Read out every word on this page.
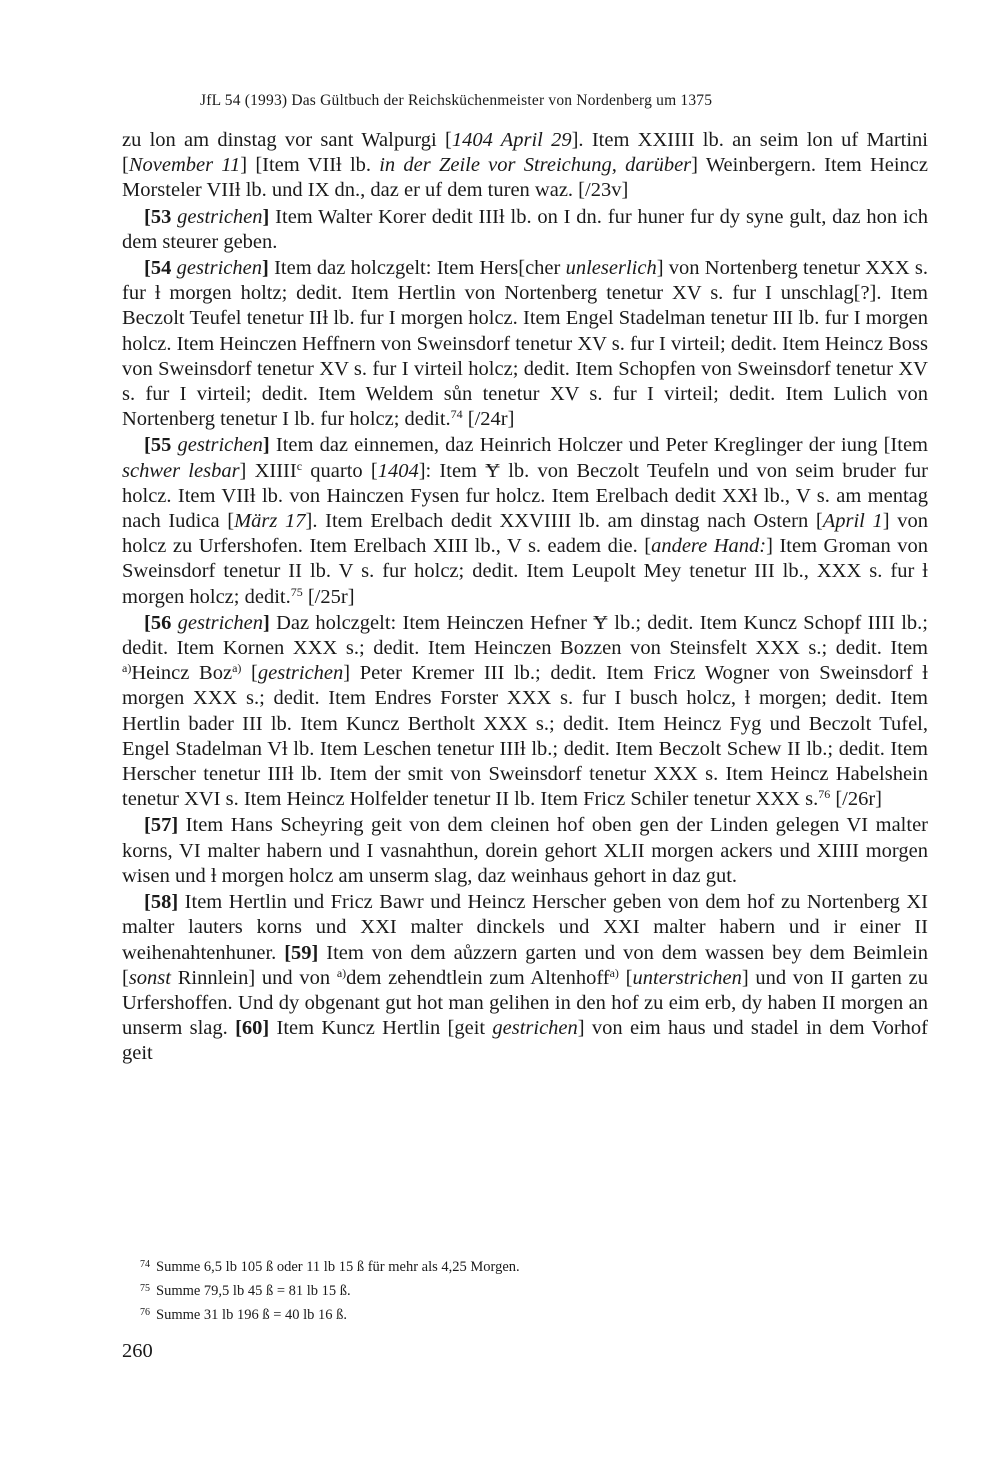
JfL 54 (1993) Das Gültbuch der Reichsküchenmeister von Nordenberg um 1375

zu lon am dinstag vor sant Walpurgi [1404 April 29]. Item XXIIII lb. an seim lon uf Martini [November 11] [Item VIIƚ lb. in der Zeile vor Streichung, darüber] Weinbergern. Item Heincz Morsteler VIIƚ lb. und IX dn., daz er uf dem turen waz. [/23v]

[53 gestrichen] Item Walter Korer dedit IIIƚ lb. on I dn. fur huner fur dy syne gult, daz hon ich dem steurer geben.

[54 gestrichen] Item daz holczgelt: Item Hers[cher unleserlich] von Nortenberg tenetur XXX s. fur ƚ morgen holtz; dedit. Item Hertlin von Nortenberg tenetur XV s. fur I unschlag[?]. Item Beczolt Teufel tenetur IIƚ lb. fur I morgen holcz. Item Engel Stadelman tenetur III lb. fur I morgen holcz. Item Heinczen Heffnern von Sweinsdorf tenetur XV s. fur I virteil; dedit. Item Heincz Boss von Sweinsdorf tenetur XV s. fur I virteil holcz; dedit. Item Schopfen von Sweinsdorf tenetur XV s. fur I virteil; dedit. Item Weldem sůn tenetur XV s. fur I virteil; dedit. Item Lulich von Nortenberg tenetur I lb. fur holcz; dedit.$^{74}$ [/24r]

[55 gestrichen] Item daz einnemen, daz Heinrich Holczer und Peter Kreglinger der iung [Item schwer lesbar] XIIII$^c$ quarto [1404]: Item Ɏ lb. von Beczolt Teufeln und von seim bruder fur holcz. Item VIIƚ lb. von Hainczen Fysen fur holcz. Item Erelbach dedit XXƚ lb., V s. am mentag nach Iudica [März 17]. Item Erelbach dedit XXVIIII lb. am dinstag nach Ostern [April 1] von holcz zu Urfershofen. Item Erelbach XIII lb., V s. eadem die. [andere Hand:] Item Groman von Sweinsdorf tenetur II lb. V s. fur holcz; dedit. Item Leupolt Mey tenetur III lb., XXX s. fur ƚ morgen holcz; dedit.$^{75}$ [/25r]

[56 gestrichen] Daz holczgelt: Item Heinczen Hefner Ɏ lb.; dedit. Item Kuncz Schopf IIII lb.; dedit. Item Kornen XXX s.; dedit. Item Heinczen Bozzen von Steinsfelt XXX s.; dedit. Item $^{a)}$Heincz Boz$^{a)}$ [gestrichen] Peter Kremer III lb.; dedit. Item Fricz Wogner von Sweinsdorf ƚ morgen XXX s.; dedit. Item Endres Forster XXX s. fur I busch holcz, ƚ morgen; dedit. Item Hertlin bader III lb. Item Kuncz Bertholt XXX s.; dedit. Item Heincz Fyg und Beczolt Tufel, Engel Stadelman Vƚ lb. Item Leschen tenetur IIIƚ lb.; dedit. Item Beczolt Schew II lb.; dedit. Item Herscher tenetur IIIƚ lb. Item der smit von Sweinsdorf tenetur XXX s. Item Heincz Habelshein tenetur XVI s. Item Heincz Holfelder tenetur II lb. Item Fricz Schiler tenetur XXX s.$^{76}$ [/26r]

[57] Item Hans Scheyring geit von dem cleinen hof oben gen der Linden gelegen VI malter korns, VI malter habern und I vasnahthun, dorein gehort XLII morgen ackers und XIIII morgen wisen und ƚ morgen holcz am unserm slag, daz weinhaus gehort in daz gut.

[58] Item Hertlin und Fricz Bawr und Heincz Herscher geben von dem hof zu Nortenberg XI malter lauters korns und XXI malter dinckels und XXI malter habern und ir einer II weihenahtenhuner. [59] Item von dem aůzzern garten und von dem wassen bey dem Beimlein [sonst Rinnlein] und von $^{a)}$dem zehendtlein zum Altenhoff$^{a)}$ [unterstrichen] und von II garten zu Urfershoffen. Und dy obgenant gut hot man gelihen in den hof zu eim erb, dy haben II morgen an unserm slag. [60] Item Kuncz Hertlin [geit gestrichen] von eim haus und stadel in dem Vorhof geit

$^{74}$ Summe 6,5 lb 105 ß oder 11 lb 15 ß für mehr als 4,25 Morgen.

$^{75}$ Summe 79,5 lb 45 ß = 81 lb 15 ß.

$^{76}$ Summe 31 lb 196 ß = 40 lb 16 ß.

260
